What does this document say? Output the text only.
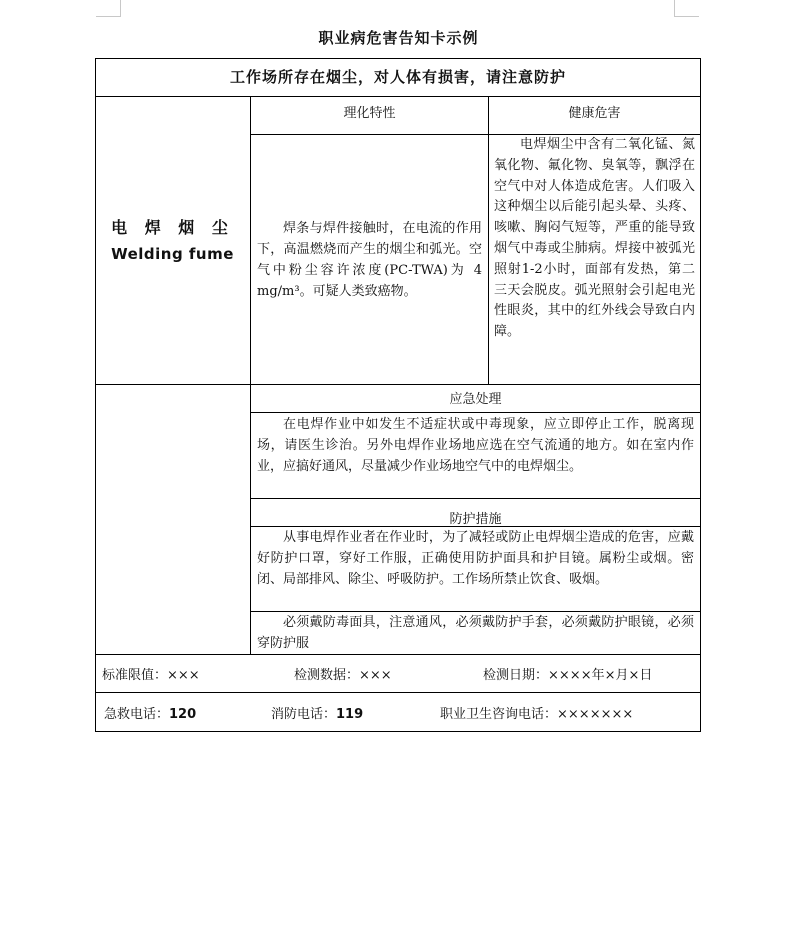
职业病危害告知卡示例
工作场所存在烟尘，对人体有损害，请注意防护
电 焊 烟 尘
Welding fume
理化特性	健康危害
焊条与焊件接触时，在电流的作用下，高温燃烧而产生的烟尘和弧光。空气中粉尘容许浓度(PC-TWA)为 4 mg/m³。可疑人类致癌物。
电焊烟尘中含有二氧化锰、氮氧化物、氟化物、臭氧等，飘浮在空气中对人体造成危害。人们吸入这种烟尘以后能引起头晕、头疼、咳嗽、胸闷气短等，严重的能导致烟气中毒或尘肺病。焊接中被弧光照射1-2小时，面部有发热，第二三天会脱皮。弧光照射会引起电光性眼炎，其中的红外线会导致白内障。
应急处理
在电焊作业中如发生不适症状或中毒现象，应立即停止工作，脱离现场，请医生诊治。另外电焊作业场地应选在空气流通的地方。如在室内作业，应搞好通风，尽量减少作业场地空气中的电焊烟尘。
防护措施
从事电焊作业者在作业时，为了减轻或防止电焊烟尘造成的危害，应戴好防护口罩，穿好工作服，正确使用防护面具和护目镜。属粉尘或烟。密闭、局部排风、除尘、呼吸防护。工作场所禁止饮食、吸烟。
必须戴防毒面具，注意通风，必须戴防护手套，必须戴防护眼镜，必须穿防护服
标准限值：×××	检测数据：×××	检测日期：××××年×月×日
急救电话：120	消防电话：119	职业卫生咨询电话：×××××××
